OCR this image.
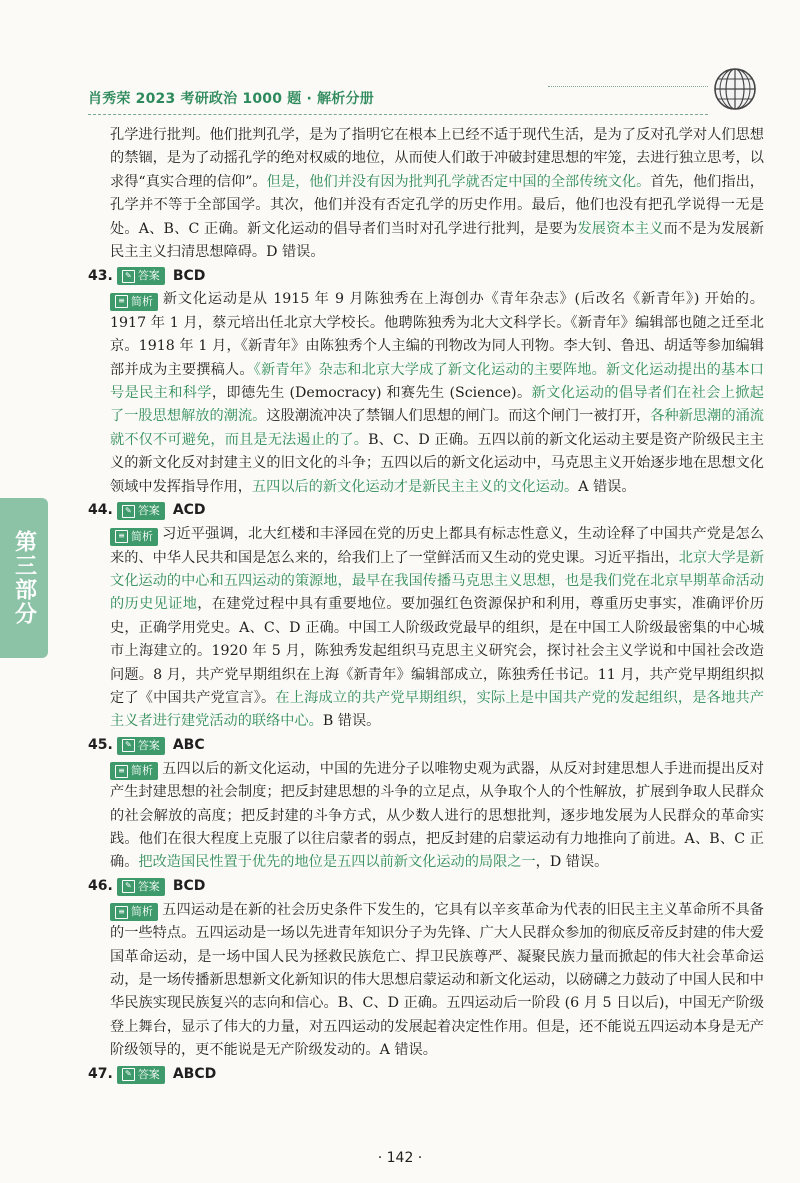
肖秀荣 2023 考研政治 1000 题 · 解析分册
第三部分

孔学进行批判。他们批判孔学，是为了指明它在根本上已经不适于现代生活，是为了反对孔学对人们思想的禁锢，是为了动摇孔学的绝对权威的地位，从而使人们敢于冲破封建思想的牢笼，去进行独立思考，以求得“真实合理的信仰”。但是，他们并没有因为批判孔学就否定中国的全部传统文化。首先，他们指出，孔学并不等于全部国学。其次，他们并没有否定孔学的历史作用。最后，他们也没有把孔学说得一无是处。A、B、C 正确。新文化运动的倡导者们当时对孔学进行批判，是要为发展资本主义而不是为发展新民主主义扫清思想障碍。D 错误。

43.	✎ 答案 BCD

≡ 简析 新文化运动是从 1915 年 9 月陈独秀在上海创办《青年杂志》(后改名《新青年》) 开始的。1917 年 1 月，蔡元培出任北京大学校长。他聘陈独秀为北大文科学长。《新青年》编辑部也随之迁至北京。1918 年 1 月，《新青年》由陈独秀个人主编的刊物改为同人刊物。李大钊、鲁迅、胡适等参加编辑部并成为主要撰稿人。《新青年》杂志和北京大学成了新文化运动的主要阵地。新文化运动提出的基本口号是民主和科学，即德先生 (Democracy) 和赛先生 (Science)。新文化运动的倡导者们在社会上掀起了一股思想解放的潮流。这股潮流冲决了禁锢人们思想的闸门。而这个闸门一被打开，各种新思潮的涌流就不仅不可避免，而且是无法遏止的了。B、C、D 正确。五四以前的新文化运动主要是资产阶级民主主义的新文化反对封建主义的旧文化的斗争；五四以后的新文化运动中，马克思主义开始逐步地在思想文化领域中发挥指导作用，五四以后的新文化运动才是新民主主义的文化运动。A 错误。

44.	✎ 答案 ACD

≡ 简析 习近平强调，北大红楼和丰泽园在党的历史上都具有标志性意义，生动诠释了中国共产党是怎么来的、中华人民共和国是怎么来的，给我们上了一堂鲜活而又生动的党史课。习近平指出，北京大学是新文化运动的中心和五四运动的策源地，最早在我国传播马克思主义思想，也是我们党在北京早期革命活动的历史见证地，在建党过程中具有重要地位。要加强红色资源保护和利用，尊重历史事实，准确评价历史，正确学用党史。A、C、D 正确。中国工人阶级政党最早的组织，是在中国工人阶级最密集的中心城市上海建立的。1920 年 5 月，陈独秀发起组织马克思主义研究会，探讨社会主义学说和中国社会改造问题。8 月，共产党早期组织在上海《新青年》编辑部成立，陈独秀任书记。11 月，共产党早期组织拟定了《中国共产党宣言》。在上海成立的共产党早期组织，实际上是中国共产党的发起组织，是各地共产主义者进行建党活动的联络中心。B 错误。

45.	✎ 答案 ABC

≡ 简析 五四以后的新文化运动，中国的先进分子以唯物史观为武器，从反对封建思想人手进而提出反对产生封建思想的社会制度；把反封建思想的斗争的立足点，从争取个人的个性解放，扩展到争取人民群众的社会解放的高度；把反封建的斗争方式，从少数人进行的思想批判，逐步地发展为人民群众的革命实践。他们在很大程度上克服了以往启蒙者的弱点，把反封建的启蒙运动有力地推向了前进。A、B、C 正确。把改造国民性置于优先的地位是五四以前新文化运动的局限之一，D 错误。

46.	✎ 答案 BCD

≡ 简析 五四运动是在新的社会历史条件下发生的，它具有以辛亥革命为代表的旧民主主义革命所不具备的一些特点。五四运动是一场以先进青年知识分子为先锋、广大人民群众参加的彻底反帝反封建的伟大爱国革命运动，是一场中国人民为拯救民族危亡、捍卫民族尊严、凝聚民族力量而掀起的伟大社会革命运动，是一场传播新思想新文化新知识的伟大思想启蒙运动和新文化运动，以磅礴之力鼓动了中国人民和中华民族实现民族复兴的志向和信心。B、C、D 正确。五四运动后一阶段 (6 月 5 日以后)，中国无产阶级登上舞台，显示了伟大的力量，对五四运动的发展起着决定性作用。但是，还不能说五四运动本身是无产阶级领导的，更不能说是无产阶级发动的。A 错误。

47.	✎ 答案 ABCD
· 142 ·
